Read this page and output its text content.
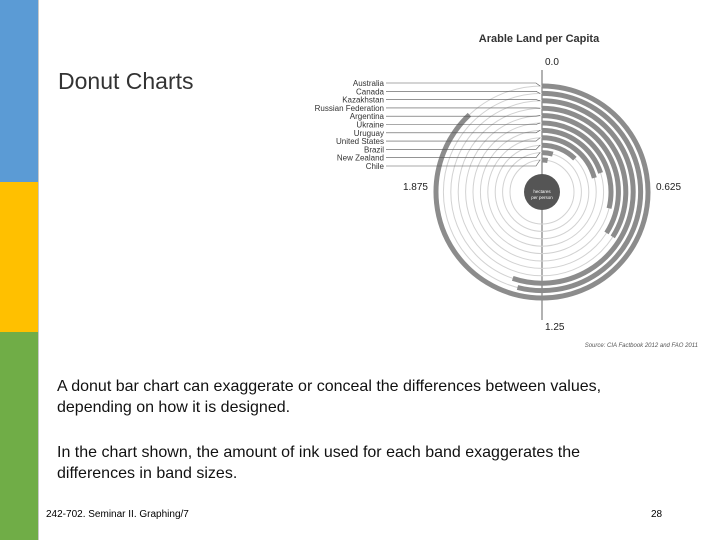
Donut Charts
Arable Land per Capita
Australia
Canada
Kazakhstan
Russian Federation
Argentina
Ukraine
Uruguay
United States
Brazil
New Zealand
Chile
0.0
0.625
1.25
1.875	hectares per person
Source: CIA Factbook 2012 and FAO 2011
A donut bar chart can exaggerate or conceal the differences between values, depending on how it is designed.
In the chart shown, the amount of ink used for each band exaggerates the differences in band sizes.
242-702. Seminar II. Graphing/7	28
